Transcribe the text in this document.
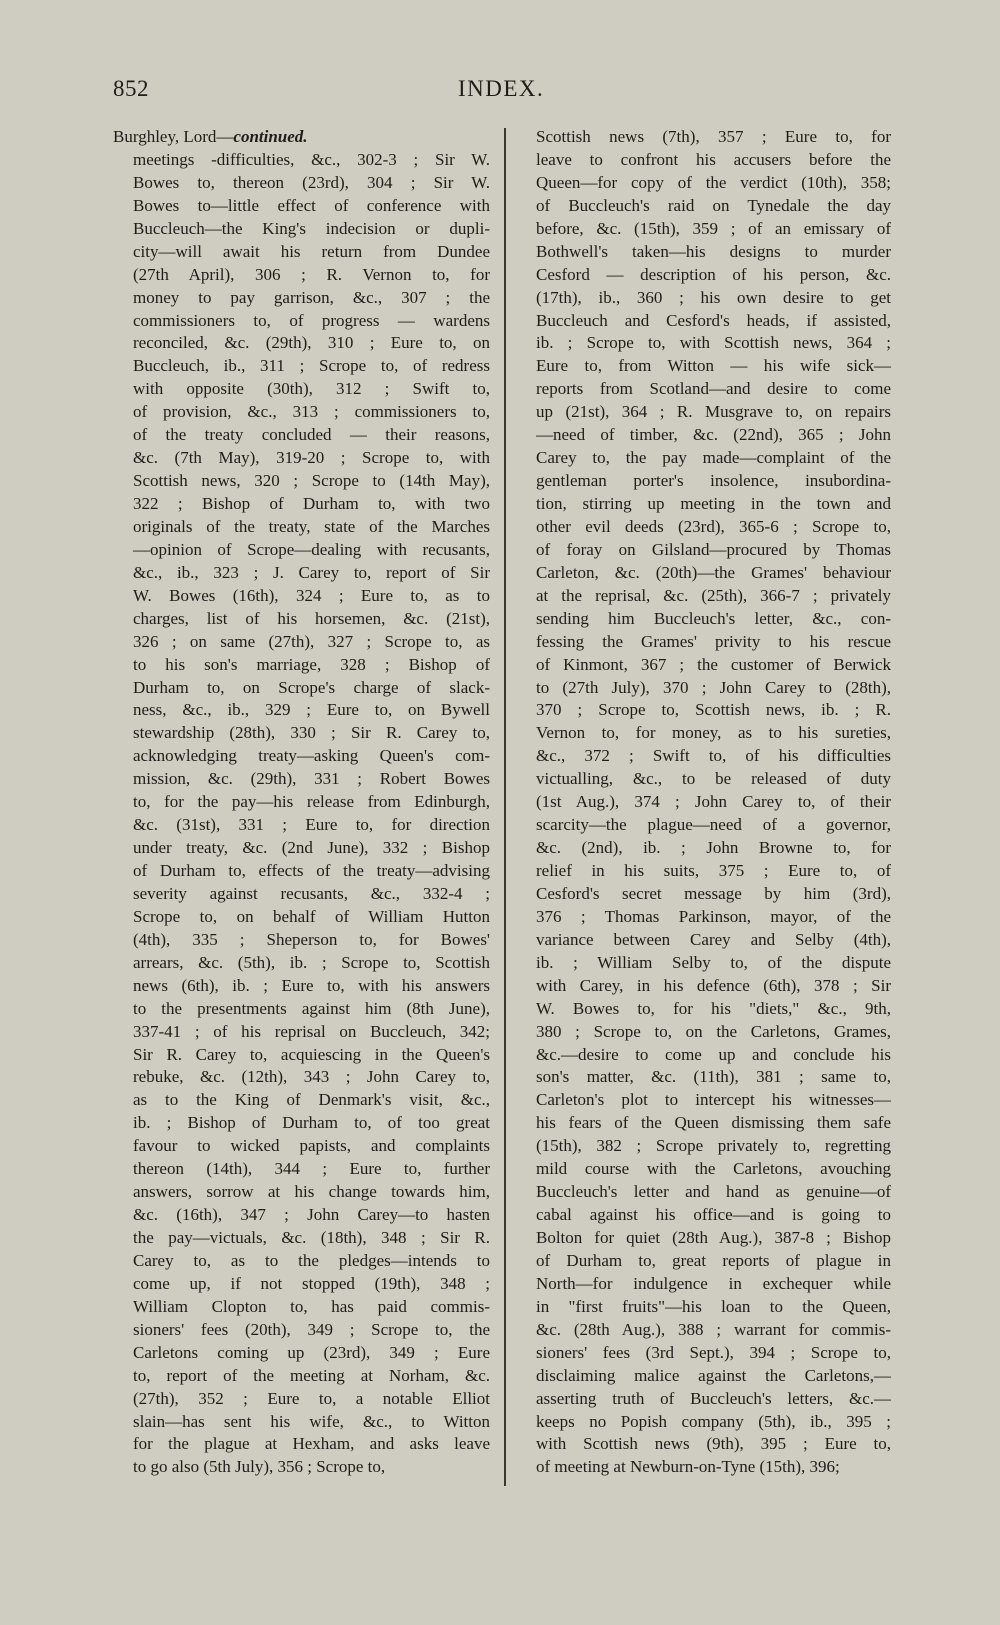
852	INDEX.
Burghley, Lord—continued.
meetings -difficulties, &c., 302-3 ; Sir W.
Bowes to, thereon (23rd), 304 ; Sir W.
Bowes to—little effect of conference with
Buccleuch—the King's indecision or dupli-
city—will await his return from Dundee
(27th April), 306 ; R. Vernon to, for
money to pay garrison, &c., 307 ; the
commissioners to, of progress — wardens
reconciled, &c. (29th), 310 ; Eure to, on
Buccleuch, ib., 311 ; Scrope to, of redress
with opposite (30th), 312 ; Swift to,
of provision, &c., 313 ; commissioners to,
of the treaty concluded — their reasons,
&c. (7th May), 319-20 ; Scrope to, with
Scottish news, 320 ; Scrope to (14th May),
322 ; Bishop of Durham to, with two
originals of the treaty, state of the Marches
—opinion of Scrope—dealing with recusants,
&c., ib., 323 ; J. Carey to, report of Sir
W. Bowes (16th), 324 ; Eure to, as to
charges, list of his horsemen, &c. (21st),
326 ; on same (27th), 327 ; Scrope to, as
to his son's marriage, 328 ; Bishop of
Durham to, on Scrope's charge of slack-
ness, &c., ib., 329 ; Eure to, on Bywell
stewardship (28th), 330 ; Sir R. Carey to,
acknowledging treaty—asking Queen's com-
mission, &c. (29th), 331 ; Robert Bowes
to, for the pay—his release from Edinburgh,
&c. (31st), 331 ; Eure to, for direction
under treaty, &c. (2nd June), 332 ; Bishop
of Durham to, effects of the treaty—advising
severity against recusants, &c., 332-4 ;
Scrope to, on behalf of William Hutton
(4th), 335 ; Sheperson to, for Bowes'
arrears, &c. (5th), ib. ; Scrope to, Scottish
news (6th), ib. ; Eure to, with his answers
to the presentments against him (8th June),
337-41 ; of his reprisal on Buccleuch, 342;
Sir R. Carey to, acquiescing in the Queen's
rebuke, &c. (12th), 343 ; John Carey to,
as to the King of Denmark's visit, &c.,
ib. ; Bishop of Durham to, of too great
favour to wicked papists, and complaints
thereon (14th), 344 ; Eure to, further
answers, sorrow at his change towards him,
&c. (16th), 347 ; John Carey—to hasten
the pay—victuals, &c. (18th), 348 ; Sir R.
Carey to, as to the pledges—intends to
come up, if not stopped (19th), 348 ;
William Clopton to, has paid commis-
sioners' fees (20th), 349 ; Scrope to, the
Carletons coming up (23rd), 349 ; Eure
to, report of the meeting at Norham, &c.
(27th), 352 ; Eure to, a notable Elliot
slain—has sent his wife, &c., to Witton
for the plague at Hexham, and asks leave
to go also (5th July), 356 ; Scrope to,
Scottish news (7th), 357 ; Eure to, for
leave to confront his accusers before the
Queen—for copy of the verdict (10th), 358;
of Buccleuch's raid on Tynedale the day
before, &c. (15th), 359 ; of an emissary of
Bothwell's taken—his designs to murder
Cesford — description of his person, &c.
(17th), ib., 360 ; his own desire to get
Buccleuch and Cesford's heads, if assisted,
ib. ; Scrope to, with Scottish news, 364 ;
Eure to, from Witton — his wife sick—
reports from Scotland—and desire to come
up (21st), 364 ; R. Musgrave to, on repairs
—need of timber, &c. (22nd), 365 ; John
Carey to, the pay made—complaint of the
gentleman porter's insolence, insubordina-
tion, stirring up meeting in the town and
other evil deeds (23rd), 365-6 ; Scrope to,
of foray on Gilsland—procured by Thomas
Carleton, &c. (20th)—the Grames' behaviour
at the reprisal, &c. (25th), 366-7 ; privately
sending him Buccleuch's letter, &c., con-
fessing the Grames' privity to his rescue
of Kinmont, 367 ; the customer of Berwick
to (27th July), 370 ; John Carey to (28th),
370 ; Scrope to, Scottish news, ib. ; R.
Vernon to, for money, as to his sureties,
&c., 372 ; Swift to, of his difficulties
victualling, &c., to be released of duty
(1st Aug.), 374 ; John Carey to, of their
scarcity—the plague—need of a governor,
&c. (2nd), ib. ; John Browne to, for
relief in his suits, 375 ; Eure to, of
Cesford's secret message by him (3rd),
376 ; Thomas Parkinson, mayor, of the
variance between Carey and Selby (4th),
ib. ; William Selby to, of the dispute
with Carey, in his defence (6th), 378 ; Sir
W. Bowes to, for his "diets," &c., 9th,
380 ; Scrope to, on the Carletons, Grames,
&c.—desire to come up and conclude his
son's matter, &c. (11th), 381 ; same to,
Carleton's plot to intercept his witnesses—
his fears of the Queen dismissing them safe
(15th), 382 ; Scrope privately to, regretting
mild course with the Carletons, avouching
Buccleuch's letter and hand as genuine—of
cabal against his office—and is going to
Bolton for quiet (28th Aug.), 387-8 ; Bishop
of Durham to, great reports of plague in
North—for indulgence in exchequer while
in "first fruits"—his loan to the Queen,
&c. (28th Aug.), 388 ; warrant for commis-
sioners' fees (3rd Sept.), 394 ; Scrope to,
disclaiming malice against the Carletons,—
asserting truth of Buccleuch's letters, &c.—
keeps no Popish company (5th), ib., 395 ;
with Scottish news (9th), 395 ; Eure to,
of meeting at Newburn-on-Tyne (15th), 396;
